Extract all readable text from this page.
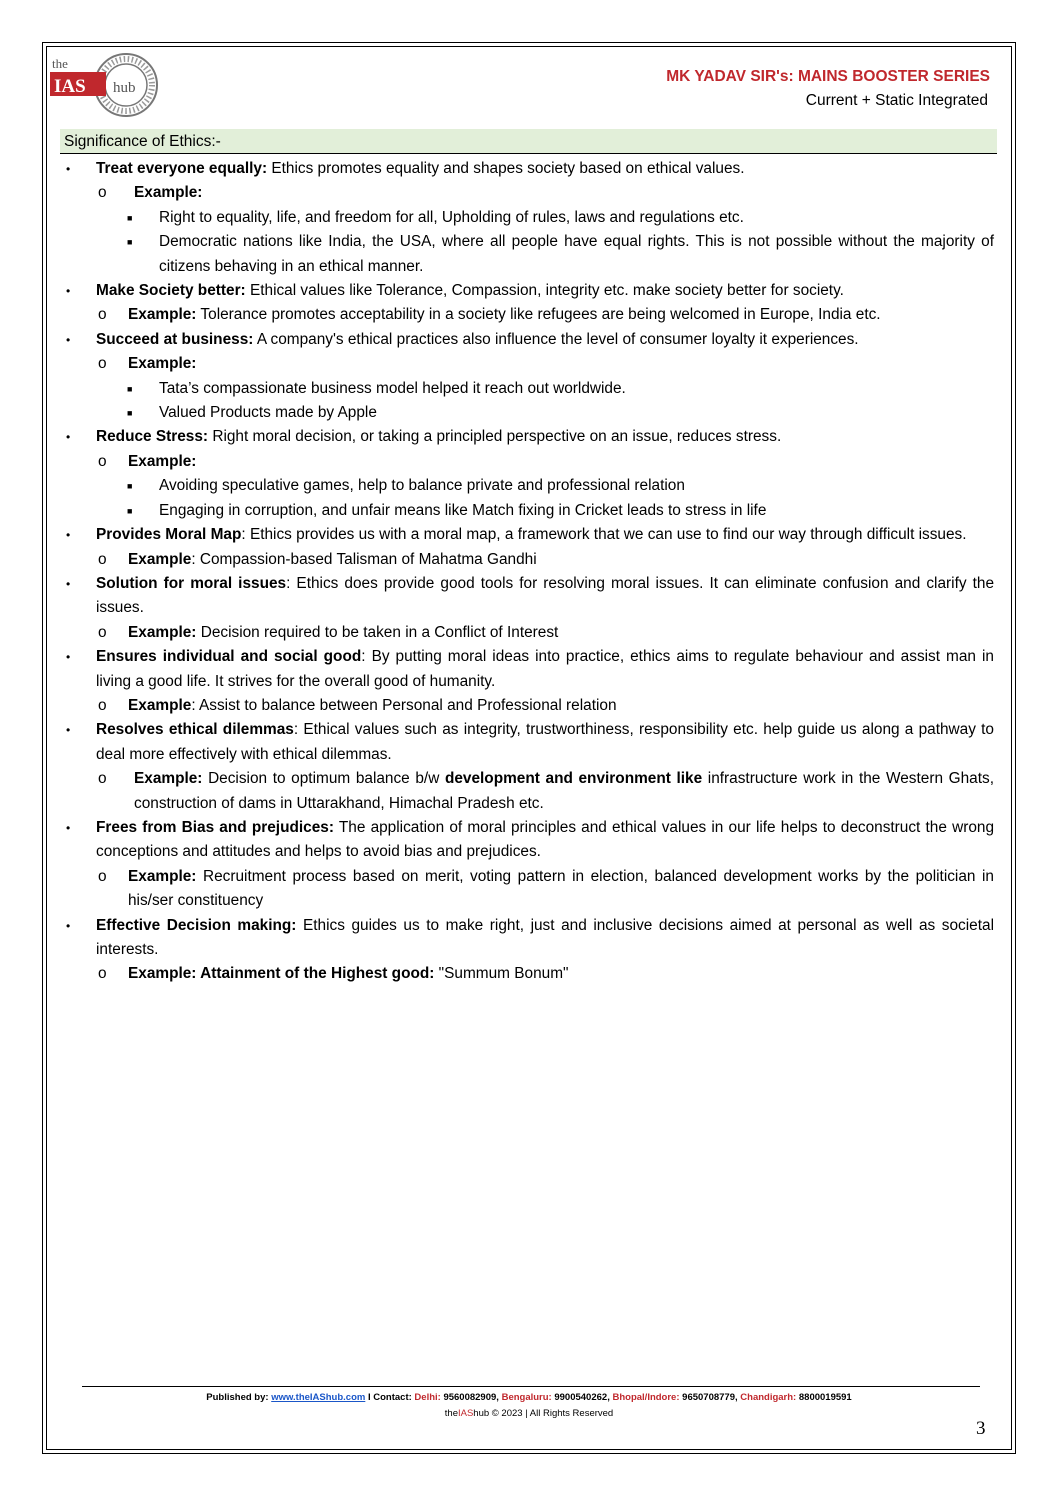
the
IAS hub
MK YADAV SIR's: MAINS BOOSTER SERIES
Current + Static Integrated
Significance of Ethics:-
• Treat everyone equally: Ethics promotes equality and shapes society based on ethical values.
o Example:
■ Right to equality, life, and freedom for all, Upholding of rules, laws and regulations etc.
■ Democratic nations like India, the USA, where all people have equal rights. This is not possible without the majority of citizens behaving in an ethical manner.
• Make Society better: Ethical values like Tolerance, Compassion, integrity etc. make society better for society.
o Example: Tolerance promotes acceptability in a society like refugees are being welcomed in Europe, India etc.
• Succeed at business: A company's ethical practices also influence the level of consumer loyalty it experiences.
o Example:
■ Tata’s compassionate business model helped it reach out worldwide.
■ Valued Products made by Apple
• Reduce Stress: Right moral decision, or taking a principled perspective on an issue, reduces stress.
o Example:
■ Avoiding speculative games, help to balance private and professional relation
■ Engaging in corruption, and unfair means like Match fixing in Cricket leads to stress in life
• Provides Moral Map: Ethics provides us with a moral map, a framework that we can use to find our way through difficult issues.
o Example: Compassion-based Talisman of Mahatma Gandhi
• Solution for moral issues: Ethics does provide good tools for resolving moral issues. It can eliminate confusion and clarify the issues.
o Example: Decision required to be taken in a Conflict of Interest
• Ensures individual and social good: By putting moral ideas into practice, ethics aims to regulate behaviour and assist man in living a good life. It strives for the overall good of humanity.
o Example: Assist to balance between Personal and Professional relation
• Resolves ethical dilemmas: Ethical values such as integrity, trustworthiness, responsibility etc. help guide us along a pathway to deal more effectively with ethical dilemmas.
o Example: Decision to optimum balance b/w development and environment like infrastructure work in the Western Ghats, construction of dams in Uttarakhand, Himachal Pradesh etc.
• Frees from Bias and prejudices: The application of moral principles and ethical values in our life helps to deconstruct the wrong conceptions and attitudes and helps to avoid bias and prejudices.
o Example: Recruitment process based on merit, voting pattern in election, balanced development works by the politician in his/ser constituency
• Effective Decision making: Ethics guides us to make right, just and inclusive decisions aimed at personal as well as societal interests.
o Example: Attainment of the Highest good: "Summum Bonum"
Published by: www.theIAShub.com I Contact: Delhi: 9560082909, Bengaluru: 9900540262, Bhopal/Indore: 9650708779, Chandigarh: 8800019591
theIAShub © 2023 | All Rights Reserved
3
